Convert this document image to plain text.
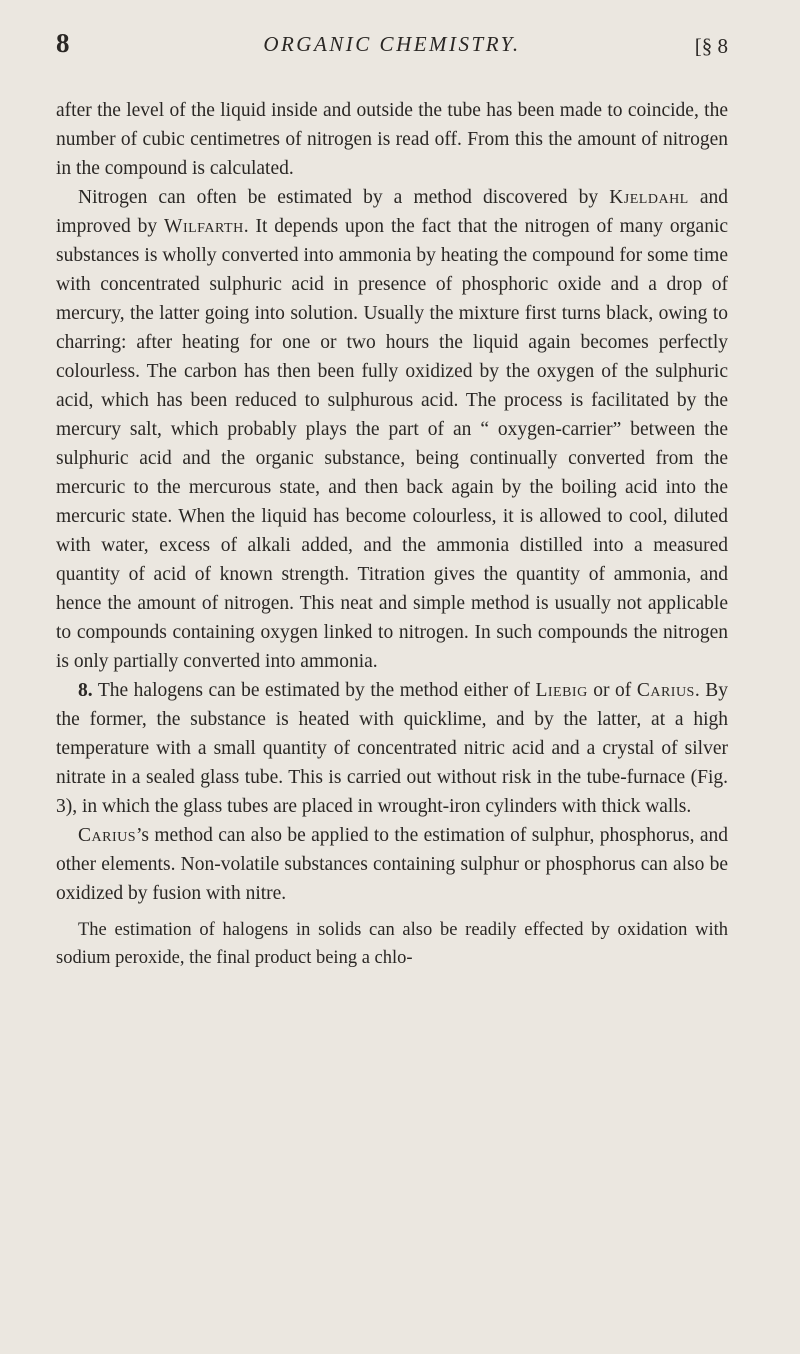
8	ORGANIC CHEMISTRY.	[§ 8

after the level of the liquid inside and outside the tube has been made to coincide, the number of cubic centimetres of nitrogen is read off. From this the amount of nitrogen in the compound is calculated.

Nitrogen can often be estimated by a method discovered by Kjeldahl and improved by Wilfarth. It depends upon the fact that the nitrogen of many organic substances is wholly converted into ammonia by heating the compound for some time with concentrated sulphuric acid in presence of phosphoric oxide and a drop of mercury, the latter going into solution. Usually the mixture first turns black, owing to charring: after heating for one or two hours the liquid again becomes perfectly colourless. The carbon has then been fully oxidized by the oxygen of the sulphuric acid, which has been reduced to sulphurous acid. The process is facilitated by the mercury salt, which probably plays the part of an “ oxygen-carrier” between the sulphuric acid and the organic substance, being continually converted from the mercuric to the mercurous state, and then back again by the boiling acid into the mercuric state. When the liquid has become colourless, it is allowed to cool, diluted with water, excess of alkali added, and the ammonia distilled into a measured quantity of acid of known strength. Titration gives the quantity of ammonia, and hence the amount of nitrogen. This neat and simple method is usually not applicable to compounds containing oxygen linked to nitrogen. In such compounds the nitrogen is only partially converted into ammonia.

8. The halogens can be estimated by the method either of Liebig or of Carius. By the former, the substance is heated with quicklime, and by the latter, at a high temperature with a small quantity of concentrated nitric acid and a crystal of silver nitrate in a sealed glass tube. This is carried out without risk in the tube-furnace (Fig. 3), in which the glass tubes are placed in wrought-iron cylinders with thick walls.

Carius’s method can also be applied to the estimation of sulphur, phosphorus, and other elements. Non-volatile substances containing sulphur or phosphorus can also be oxidized by fusion with nitre.

The estimation of halogens in solids can also be readily effected by oxidation with sodium peroxide, the final product being a chlo-
